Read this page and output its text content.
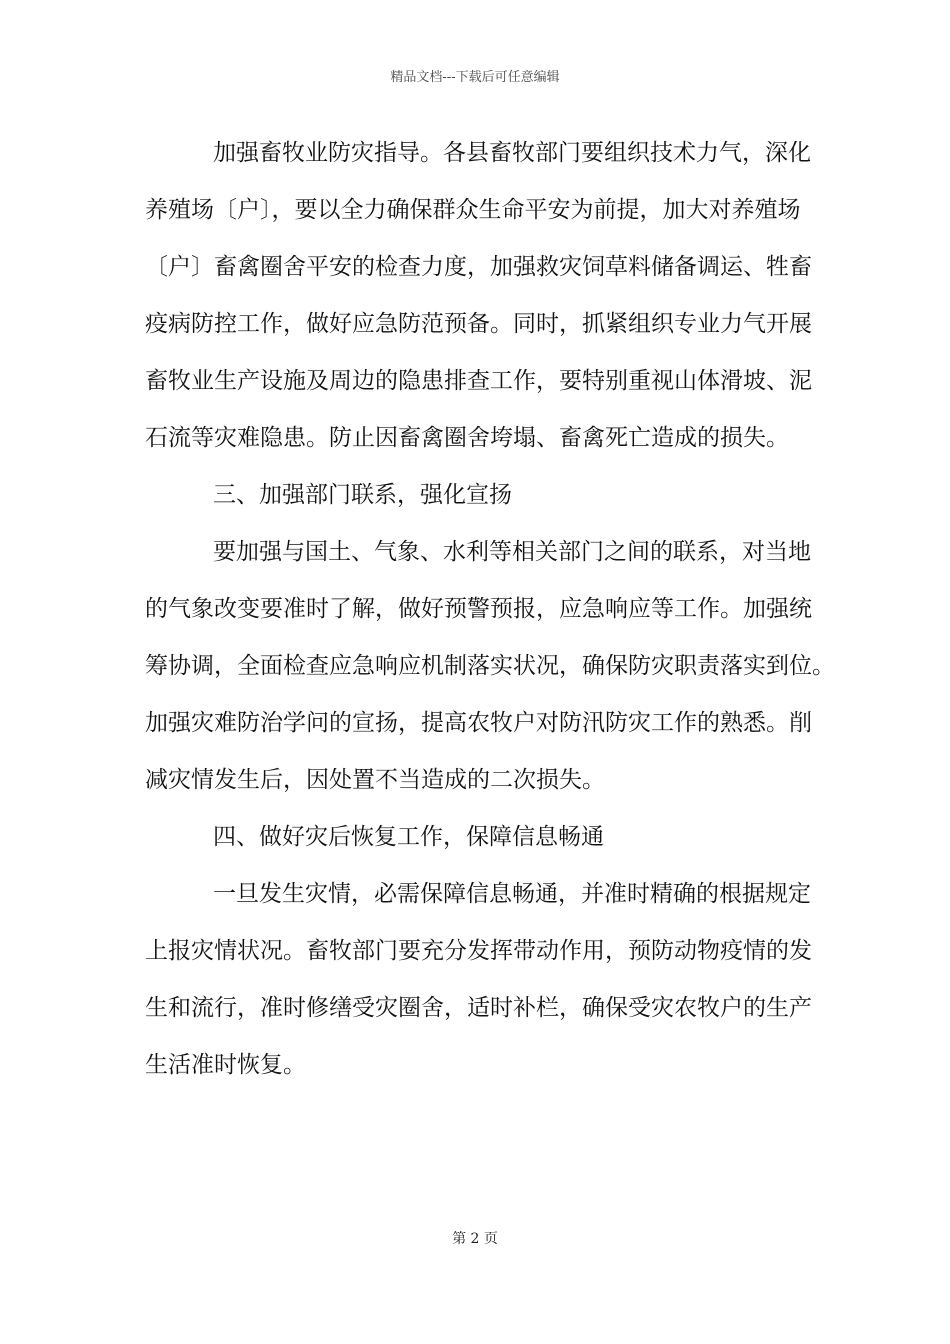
精品文档---下载后可任意编辑
加强畜牧业防灾指导。各县畜牧部门要组织技术力气，深化
养殖场〔户〕，要以全力确保群众生命平安为前提，加大对养殖场
〔户〕畜禽圈舍平安的检查力度，加强救灾饲草料储备调运、牲畜
疫病防控工作，做好应急防范预备。同时，抓紧组织专业力气开展
畜牧业生产设施及周边的隐患排查工作，要特别重视山体滑坡、泥
石流等灾难隐患。防止因畜禽圈舍垮塌、畜禽死亡造成的损失。
三、加强部门联系，强化宣扬
要加强与国土、气象、水利等相关部门之间的联系，对当地
的气象改变要准时了解，做好预警预报，应急响应等工作。加强统
筹协调，全面检查应急响应机制落实状况，确保防灾职责落实到位。
加强灾难防治学问的宣扬，提高农牧户对防汛防灾工作的熟悉。削
减灾情发生后，因处置不当造成的二次损失。
四、做好灾后恢复工作，保障信息畅通
一旦发生灾情，必需保障信息畅通，并准时精确的根据规定
上报灾情状况。畜牧部门要充分发挥带动作用，预防动物疫情的发
生和流行，准时修缮受灾圈舍，适时补栏，确保受灾农牧户的生产
生活准时恢复。
第 2 页
